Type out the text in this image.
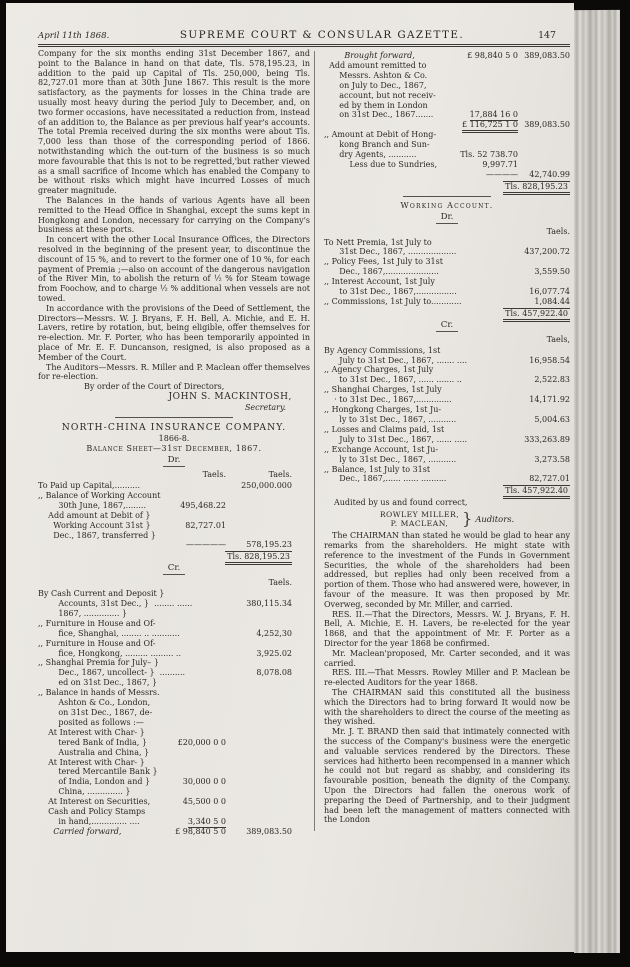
April 11th 1868.	SUPREME COURT & CONSULAR GAZETTE.	147

Company for the six months ending 31st December 1867, and point to the Balance in hand on that date, Tls. 578,195.23, in addition to the paid up Capital of Tls. 250,000, being Tls. 82,727.01 more than at 30th June 1867. This result is the more satisfactory, as the payments for losses in the China trade are usually most heavy during the period July to December, and, on two former occasions, have necessitated a reduction from, instead of an addition to, the Balance as per previous half year's accounts. The total Premia received during the six months were about Tls. 7,000 less than those of the corresponding period of 1866. notwithstanding which the out-turn of the business is so much more favourable that this is not to be regretted,'but rather viewed as a small sacrifice of Income which has enabled the Company to be without risks which might have incurred Losses of much greater magnitude.

The Balances in the hands of various Agents have all been remitted to the Head Office in Shanghai, except the sums kept in Hongkong and London, necessary for carrying on the Company's business at these ports.

In concert with the other Local Insurance Offices, the Directors resolved in the beginning of the present year, to discontinue the discount of 15 %, and to revert to the former one of 10 %, for each payment of Premia ;—also on account of the dangerous navigation of the River Min, to abolish the return of ½ % for Steam towage from Foochow, and to charge ½ % additional when vessels are not towed.

In accordance with the provisions of the Deed of Settlement, the Directors—Messrs. W. J. Bryans, F. H. Bell, A. Michie, and E. H. Lavers, retire by rotation, but, being eligible, offer themselves for re-election. Mr. F. Porter, who has been temporarily appointed in place of Mr. E. F. Duncanson, resigned, is also proposed as a Member of the Court.

The Auditors—Messrs. R. Miller and P. Maclean offer themselves for re-election.

By order of the Court of Directors,
JOHN S. MACKINTOSH,
Secretary.
NORTH-CHINA INSURANCE COMPANY.
1866-8.
Balance Sheet—31st December, 1867.
Dr.
Taels.	Taels.
To Paid up Capital,..........	250,000.000
,, Balance of Working Account
30th June, 1867,........	495,468.22
Add amount at Debit of }
Working Account 31st }	82,727.01
Dec., 1867, transferred }
—————	578,195.23
Tls. 828,195.23
Cr.
Taels.
By Cash Current and Deposit }
Accounts, 31st Dec., }  ........ ......	380,115.34
1867, .............. }
,, Furniture in House and Of-
fice, Shanghai, ........ .. ...........	4,252,30
,, Furniture in House and Of-
fice, Hongkong, ......... ......... ..	3,925.02
,, Shanghai Premia for July– }
Dec., 1867, uncollect- }  ..........	8,078.08
ed on 31st Dec., 1867, }
,, Balance in hands of Messrs.
Ashton & Co., London,
on 31st Dec., 1867, de-
posited as follows :—
At Interest with Char- }
tered Bank of India, }	£20,000 0 0
Australia and China, }
At Interest with Char- }
tered Mercantile Bank }
of India, London and }	30,000 0 0
China, .............. }
At Interest on Securities,	45,500 0 0
Cash and Policy Stamps
in hand,.............. ....	3,340 5 0
Carried forward,	£ 98,840 5 0	389,083.50
Brought forward,	£ 98,840 5 0 389,083.50
Add amount remitted to
Messrs. Ashton & Co.
on July to Dec., 1867,
account, but not receiv-
ed by them in London
on 31st Dec., 1867.......	17,884 16 0
£ 116,725 1 0 389,083.50
,, Amount at Debit of Hong-
kong Branch and Sun-
dry Agents, ...........	Tls. 52 738.70
Less due to Sundries,	9,997.71
———— 42,740.99
Tls. 828,195.23
Working Account.
Dr.
Taels.
To Nett Premia, 1st July to
31st Dec., 1867, ...................	437,200.72
,, Policy Fees, 1st July to 31st
Dec., 1867,.....................	3,559.50
,, Interest Account, 1st July
to 31st Dec., 1867,................	16,077.74
,, Commissions, 1st July to............	1,084.44
Tls. 457,922.40
Cr.
Taels,
By Agency Commissions, 1st
July to 31st Dec., 1867, ....... ....	16,958.54
,, Agency Charges, 1st July
to 31st Dec., 1867, ...... ....... ..	2,522.83
,, Shanghai Charges, 1st July
· to 31st Dec., 1867,..............	14,171.92
,, Hongkong Charges, 1st Ju-
ly to 31st Dec., 1867, ...........	5,004.63
,, Losses and Claims paid, 1st
July to 31st Dec., 1867, ...... .....	333,263.89
,, Exchange Account, 1st Ju-
ly to 31st Dec., 1867, ...........	3,273.58
,, Balance, 1st July to 31st
Dec., 1867,...... ...... ..........	82,727.01
Tls. 457,922.40
Audited by us and found correct,
ROWLEY MILLER,
P. MACLEAN, } Auditors.

The CHAIRMAN than stated he would be glad to hear any remarks from the shareholders. He might state with reference to the investment of the Funds in Government Securities, the whole of the shareholders had been addressed, but replies had only been received from a portion of them. Those who had answered were, however, in favour of the measure. It was then proposed by Mr. Overweg, seconded by Mr. Miller, and carried.

RES. II.—That the Directors, Messrs. W. J. Bryans, F. H. Bell, A. Michie, E. H. Lavers, be re-elected for the year 1868, and that the appointment of Mr. F. Porter as a Director for the year 1868 be confirmed.

Mr. Maclean'proposed, Mr. Carter seconded, and it was carried.

RES. III.—That Messrs. Rowley Miller and P. Maclean be re-elected Auditors for the year 1868.

The CHAIRMAN said this constituted all the business which the Directors had to bring forward It would now be with the shareholders to direct the course of the meeting as they wished.

Mr. J. T. BRAND then said that intimately connected with the success of the Company's business were the energetic and valuable services rendered by the Directors. These services had hitherto been recompensed in a manner which he could not but regard as shabby, and considering its favourable position, beneath the dignity of the Company. Upon the Directors had fallen the onerous work of preparing the Deed of Partnership, and to their judgment had been left the management of matters connected with the London
